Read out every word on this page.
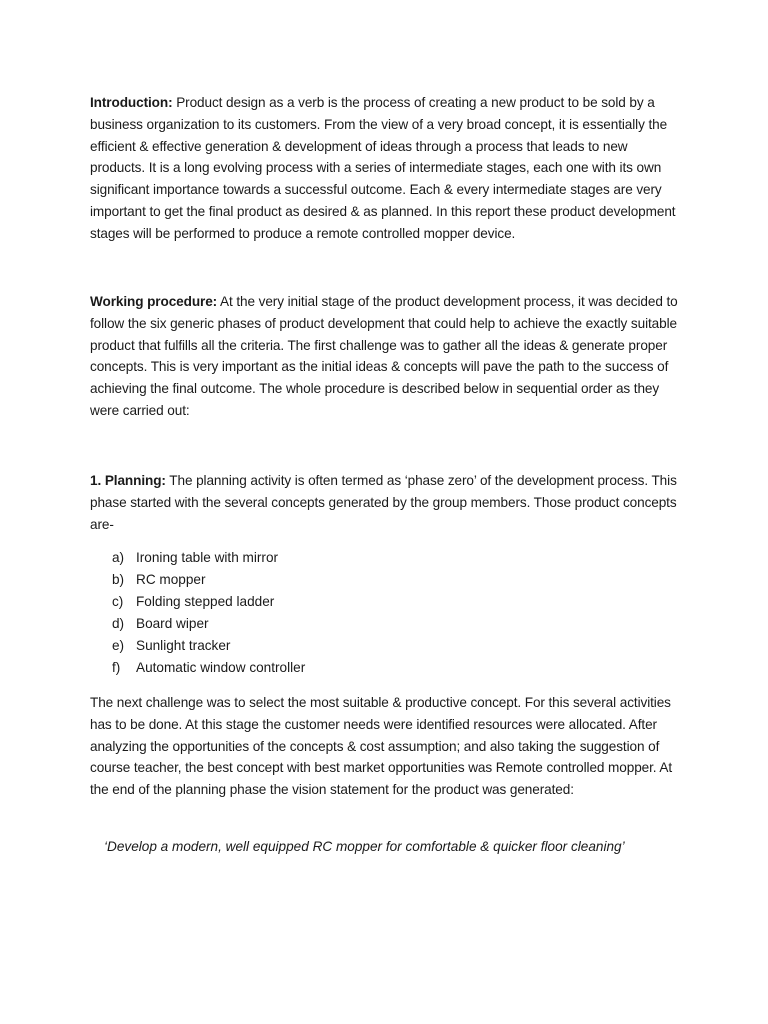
Introduction: Product design as a verb is the process of creating a new product to be sold by a business organization to its customers. From the view of a very broad concept, it is essentially the efficient & effective generation & development of ideas through a process that leads to new products. It is a long evolving process with a series of intermediate stages, each one with its own significant importance towards a successful outcome. Each & every intermediate stages are very important to get the final product as desired & as planned. In this report these product development stages will be performed to produce a remote controlled mopper device.

Working procedure: At the very initial stage of the product development process, it was decided to follow the six generic phases of product development that could help to achieve the exactly suitable product that fulfills all the criteria. The first challenge was to gather all the ideas & generate proper concepts. This is very important as the initial ideas & concepts will pave the path to the success of achieving the final outcome. The whole procedure is described below in sequential order as they were carried out:

1. Planning: The planning activity is often termed as ‘phase zero’ of the development process. This phase started with the several concepts generated by the group members. Those product concepts are-

a) Ironing table with mirror
b) RC mopper
c) Folding stepped ladder
d) Board wiper
e) Sunlight tracker
f) Automatic window controller

The next challenge was to select the most suitable & productive concept. For this several activities has to be done. At this stage the customer needs were identified resources were allocated. After analyzing the opportunities of the concepts & cost assumption; and also taking the suggestion of course teacher, the best concept with best market opportunities was Remote controlled mopper. At the end of the planning phase the vision statement for the product was generated:

‘Develop a modern, well equipped RC mopper for comfortable & quicker floor cleaning’
